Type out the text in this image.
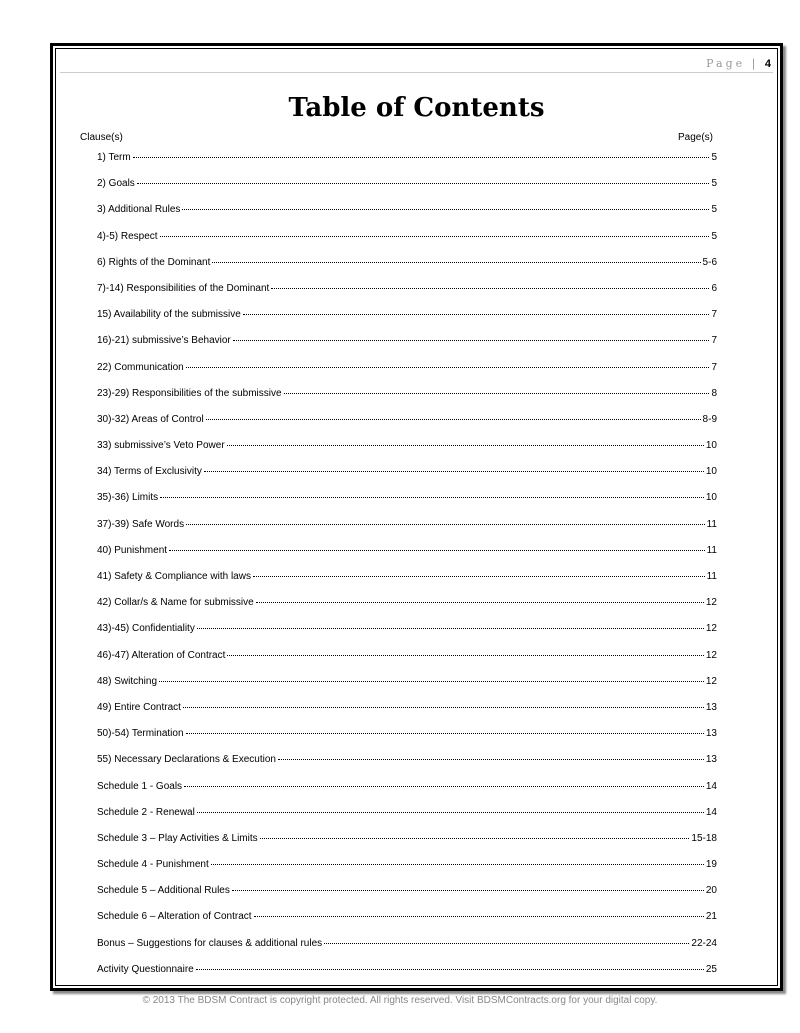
Page | 4
Table of Contents
Clause(s)	Page(s)
1) Term	5
2) Goals	5
3) Additional Rules	5
4)-5) Respect	5
6) Rights of the Dominant	5-6
7)-14) Responsibilities of the Dominant	6
15) Availability of the submissive	7
16)-21) submissive’s Behavior	7
22) Communication	7
23)-29) Responsibilities of the submissive	8
30)-32) Areas of Control	8-9
33) submissive’s Veto Power	10
34) Terms of Exclusivity	10
35)-36) Limits	10
37)-39) Safe Words	11
40) Punishment	11
41) Safety & Compliance with laws	11
42) Collar/s & Name for submissive	12
43)-45) Confidentiality	12
46)-47) Alteration of Contract	12
48) Switching	12
49) Entire Contract	13
50)-54) Termination	13
55) Necessary Declarations & Execution	13
Schedule 1 - Goals	14
Schedule 2 - Renewal	14
Schedule 3 – Play Activities & Limits	15-18
Schedule 4 - Punishment	19
Schedule 5 – Additional Rules	20
Schedule 6 – Alteration of Contract	21
Bonus – Suggestions for clauses & additional rules	22-24
Activity Questionnaire	25
© 2013 The BDSM Contract is copyright protected. All rights reserved. Visit BDSMContracts.org for your digital copy.
